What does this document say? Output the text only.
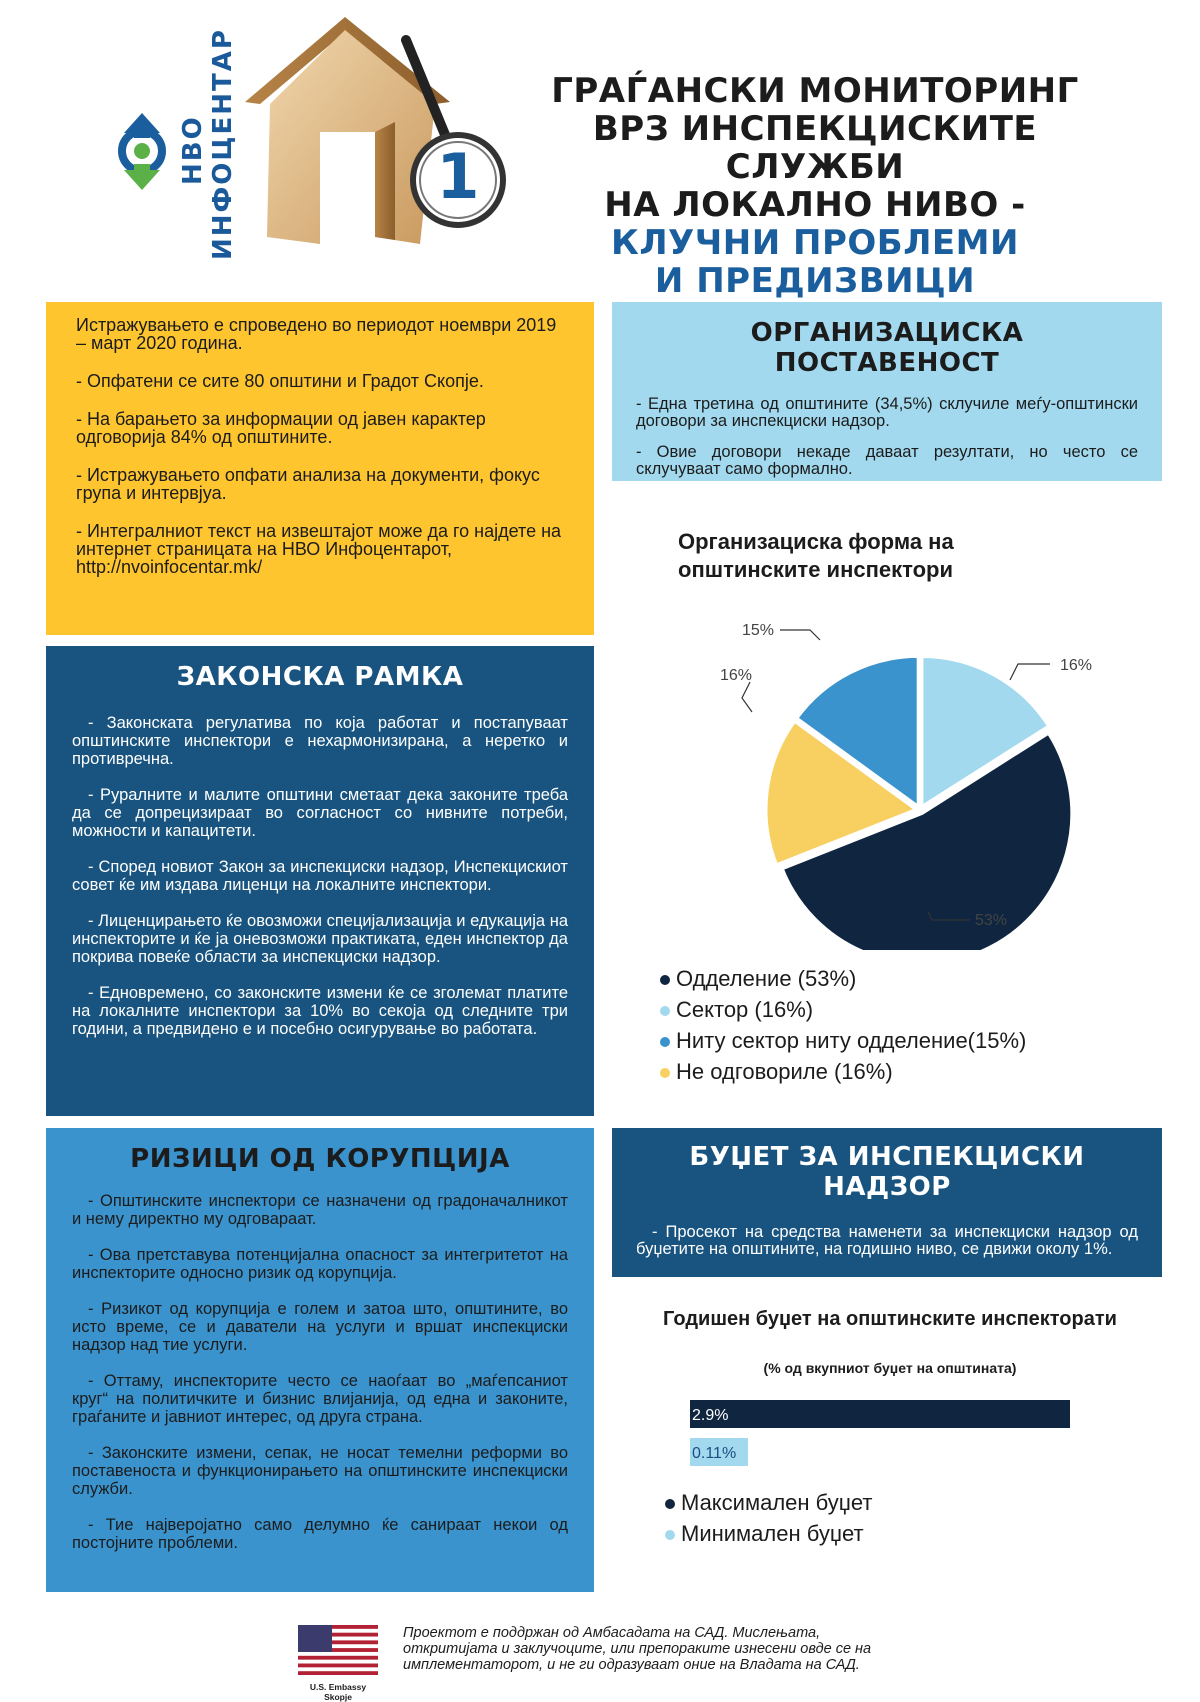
НВО ИНФОЦЕНТАР	1
ГРАЃАНСКИ МОНИТОРИНГ
ВРЗ ИНСПЕКЦИСКИТЕ СЛУЖБИ
НА ЛОКАЛНО НИВО -
КЛУЧНИ ПРОБЛЕМИ
И ПРЕДИЗВИЦИ

Истражувањето е спроведено во периодот ноември 2019 – март 2020 година.

- Опфатени се сите 80 општини и Градот Скопје.

- На барањето за информации од јавен карактер одговорија 84% од општините.

- Истражувањето опфати анализа на документи, фокус група и интервјуа.

- Интегралниот текст на извештајот може да го најдете на интернет страницата на НВО Инфоцентарот, http://nvoinfocentar.mk/

ОРГАНИЗАЦИСКА ПОСТАВЕНОСТ

- Една третина од општините (34,5%) склучиле меѓу-општински договори за инспекциски надзор.

- Овие договори некаде даваат резултати, но често се склучуваат само формално.

ЗАКОНСКА РАМКА

- Законската регулатива по која работат и постапуваат општинските инспектори е нехармонизирана, а неретко и противречна.

- Руралните и малите општини сметаат дека законите треба да се допрецизираат во согласност со нивните потреби, можности и капацитети.

- Според новиот Закон за инспекциски надзор, Инспекцискиот совет ќе им издава лиценци на локалните инспектори.

- Лиценцирањето ќе овозможи специјализација и едукација на инспекторите и ќе ја оневозможи практиката, еден инспектор да покрива повеќе области за инспекциски надзор.

- Едновремено, со законските измени ќе се зголемат платите на локалните инспектори за 10% во секоја од следните три години, а предвидено е и посебно осигурување во работата.

РИЗИЦИ ОД КОРУПЦИЈА

- Општинските инспектори се назначени од градоначалникот и нему директно му одговараат.

- Ова претставува потенцијална опасност за интегритетот на инспекторите односно ризик од корупција.

- Ризикот од корупција е голем и затоа што, општините, во исто време, се и даватели на услуги и вршат инспекциски надзор над тие услуги.

- Оттаму, инспекторите често се наоѓаат во „маѓепсаниот круг“ на политичките и бизнис влијанија, од една и законите, граѓаните и јавниот интерес, од друга страна.

- Законските измени, сепак, не носат темелни реформи во поставеноста и функционирањето на општинските инспекциски служби.

- Тие најверојатно само делумно ќе санираат некои од постојните проблеми.

БУЏЕТ ЗА ИНСПЕКЦИСКИ НАДЗОР

- Просекот на средства наменети за инспекциски надзор од буџетите на општините, на годишно ниво, се движи околу 1%.

Организациска форма на општинските инспектори
16%
53%
16%
15%
Одделение (53%)
Сектор (16%)
Ниту сектор ниту одделение(15%)
Не одговориле (16%)
Годишен буџет на општинските инспекторати
(% од вкупниот буџет на општината)
2.9%
0.11%
Максимален буџет
Минимален буџет
U.S. Embassy Skopje
Проектот е поддржан од Амбасадата на САД. Мислењата, откритијата и заклучоците, или препораките изнесени овде се на имплементаторот, и не ги одразуваат оние на Владата на САД.
